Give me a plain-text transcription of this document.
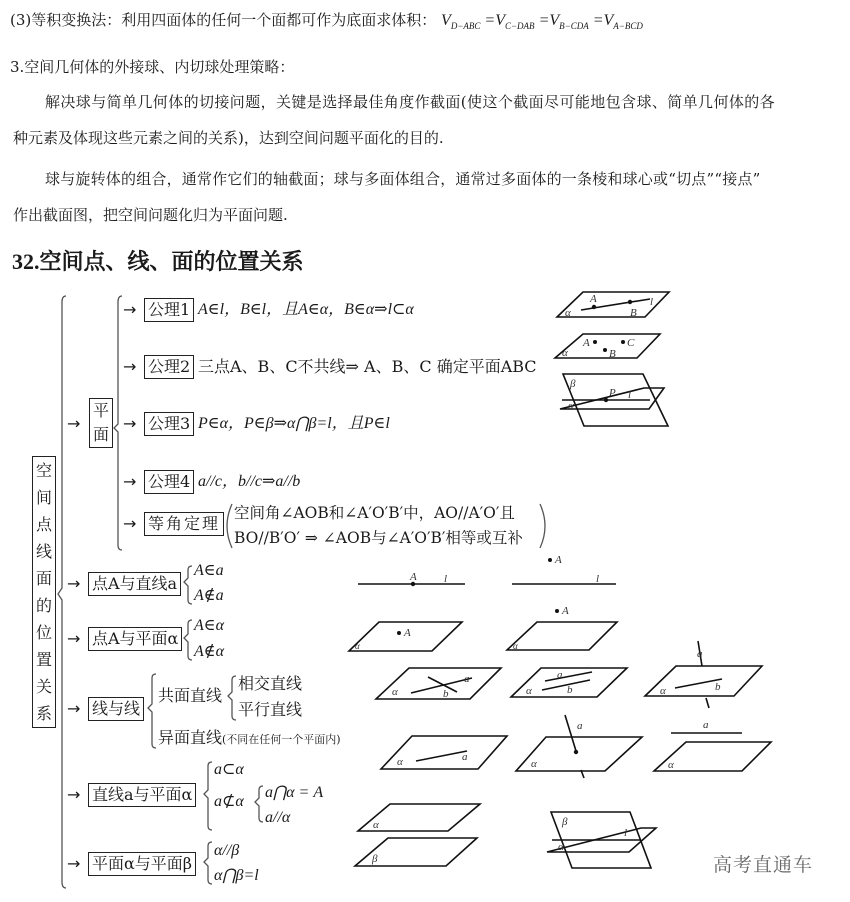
(3)等积变换法：利用四面体的任何一个面都可作为底面求体积： $V_{D-ABC} =V_{C-DAB} =V_{B-CDA} =V_{A-BCD}$
3.空间几何体的外接球、内切球处理策略：
解决球与简单几何体的切接问题，关键是选择最佳角度作截面(使这个截面尽可能地包含球、简单几何体的各
种元素及体现这些元素之间的关系)，达到空间问题平面化的目的.
球与旋转体的组合，通常作它们的轴截面；球与多面体组合，通常过多面体的一条棱和球心或“切点”“接点”
作出截面图，把空间问题化归为平面问题.
32.空间点、线、面的位置关系
空
间
点
线
面
的
位
置
关
系
→
平
面
→ 公理1 A∈l，B∈l，且A∈α，B∈α⇒l⊂α
→ 公理2 三点A、B、C不共线⇒ A、B、C 确定平面ABC
→ 公理3 P∈α，P∈β⇒α⋂β=l，且P∈l
→ 公理4 a//c，b//c⇒a//b
→ 等角定理
空间角∠AOB和∠A′O′B′中，AO//A′O′且
BO//B′O′ ⇒ ∠AOB与∠A′O′B′相等或互补
→ 点A与直线a
A∈a
A∉a
→ 点A与平面α
A∈α
A∉α
→ 线与线
共面直线
相交直线
平行直线
异面直线(不同在任何一个平面内)
→ 直线a与平面α
a⊂α
a⊄α
a⋂α = A
a//α
→ 平面α与平面β
α//β
α⋂β=l
α
A
B
l
α
A	C
B
β
P l
α
A l
A
l
A
α
A
α
α
a
b	α
a
b	α	b
a
α	a
α
a
α
a
α
β
β
l
α
高考直通车
